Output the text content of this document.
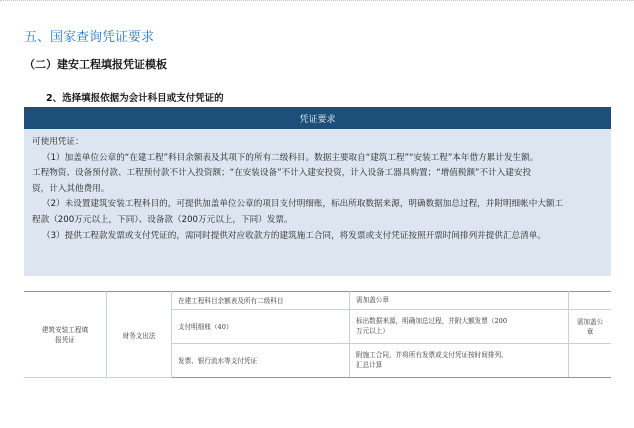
五、国家查询凭证要求
（二）建安工程填报凭证模板
2、选择填报依据为会计科目或支付凭证的
凭证要求

可使用凭证：

（1）加盖单位公章的“在建工程”科目余额表及其项下的所有二级科目。数据主要取自“建筑工程”“安装工程”本年借方累计发生额。

工程物资、设备预付款、工程预付款不计入投资额；“在安装设备”不计入建安投资，计入设备工器具购置；“增值税额”不计入建安投

资，计入其他费用。

（2）未设置建筑安装工程科目的，可提供加盖单位公章的项目支付明细账，标出所取数据来源，明确数据加总过程，并附明细帐中大额工

程款（200万元以上，下同）、设备款（200万元以上，下同）发票。

（3）提供工程款发票或支付凭证的，需同时提供对应收款方的建筑施工合同，将发票或支付凭证按照开票时间排列并提供汇总清单。

建筑安装工程填
报凭证	财务支出法	在建工程科目余额表及所有二级科目	需加盖公章	
		支付明细账（40）	标出数据来源，明确加总过程，并附大额发票（200
万元以上）	需加盖公章
		发票、银行流水等支付凭证	附施工合同，并将所有发票或支付凭证按时间排列、
汇总计算	
